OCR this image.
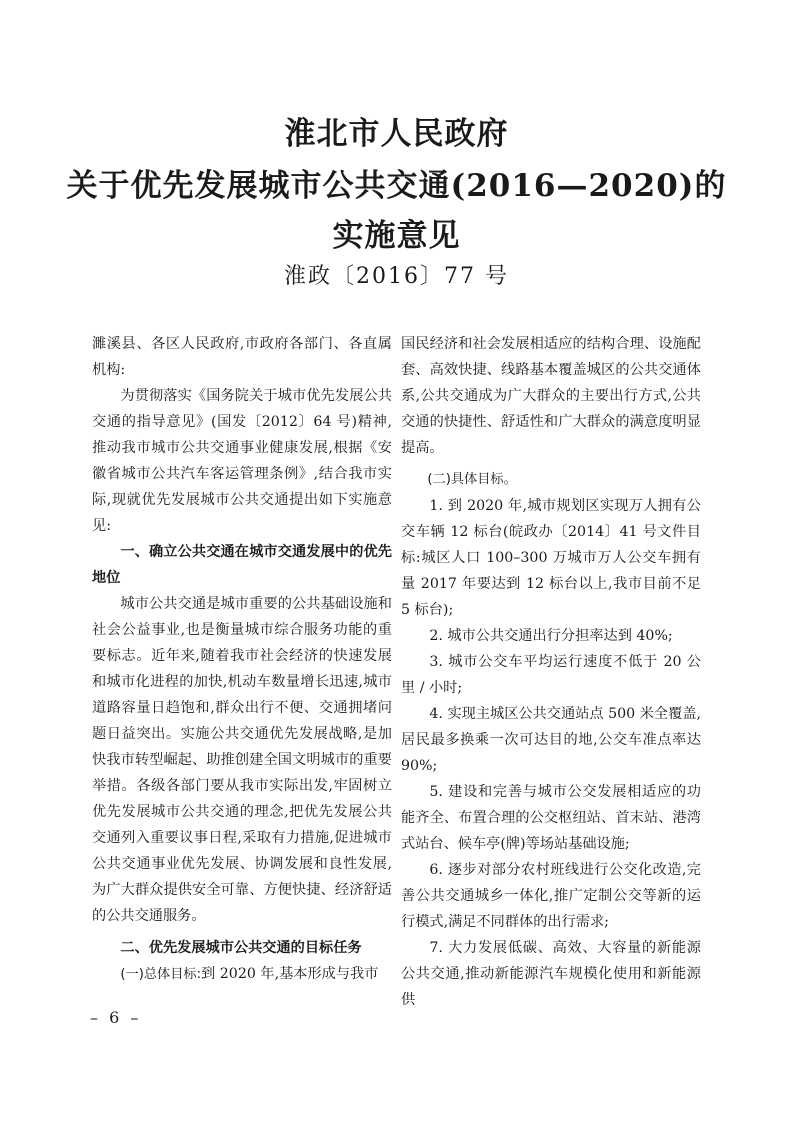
淮北市人民政府
关于优先发展城市公共交通(2016—2020)的
实施意见
淮政〔2016〕77 号

濉溪县、各区人民政府,市政府各部门、各直属机构:

为贯彻落实《国务院关于城市优先发展公共交通的指导意见》(国发〔2012〕64 号)精神,推动我市城市公共交通事业健康发展,根据《安徽省城市公共汽车客运管理条例》,结合我市实际,现就优先发展城市公共交通提出如下实施意见:

一、确立公共交通在城市交通发展中的优先地位

城市公共交通是城市重要的公共基础设施和社会公益事业,也是衡量城市综合服务功能的重要标志。近年来,随着我市社会经济的快速发展和城市化进程的加快,机动车数量增长迅速,城市道路容量日趋饱和,群众出行不便、交通拥堵问题日益突出。实施公共交通优先发展战略,是加快我市转型崛起、助推创建全国文明城市的重要举措。各级各部门要从我市实际出发,牢固树立优先发展城市公共交通的理念,把优先发展公共交通列入重要议事日程,采取有力措施,促进城市公共交通事业优先发展、协调发展和良性发展,为广大群众提供安全可靠、方便快捷、经济舒适的公共交通服务。

二、优先发展城市公共交通的目标任务

(一)总体目标:到 2020 年,基本形成与我市

国民经济和社会发展相适应的结构合理、设施配套、高效快捷、线路基本覆盖城区的公共交通体系,公共交通成为广大群众的主要出行方式,公共交通的快捷性、舒适性和广大群众的满意度明显提高。

(二)具体目标。

1. 到 2020 年,城市规划区实现万人拥有公交车辆 12 标台(皖政办〔2014〕41 号文件目标:城区人口 100–300 万城市万人公交车拥有量 2017 年要达到 12 标台以上,我市目前不足 5 标台);

2. 城市公共交通出行分担率达到 40%;

3. 城市公交车平均运行速度不低于 20 公里 / 小时;

4. 实现主城区公共交通站点 500 米全覆盖,居民最多换乘一次可达目的地,公交车准点率达 90%;

5. 建设和完善与城市公交发展相适应的功能齐全、布置合理的公交枢纽站、首末站、港湾式站台、候车亭(牌)等场站基础设施;

6. 逐步对部分农村班线进行公交化改造,完善公共交通城乡一体化,推广定制公交等新的运行模式,满足不同群体的出行需求;

7. 大力发展低碳、高效、大容量的新能源公共交通,推动新能源汽车规模化使用和新能源供

– 6 –
